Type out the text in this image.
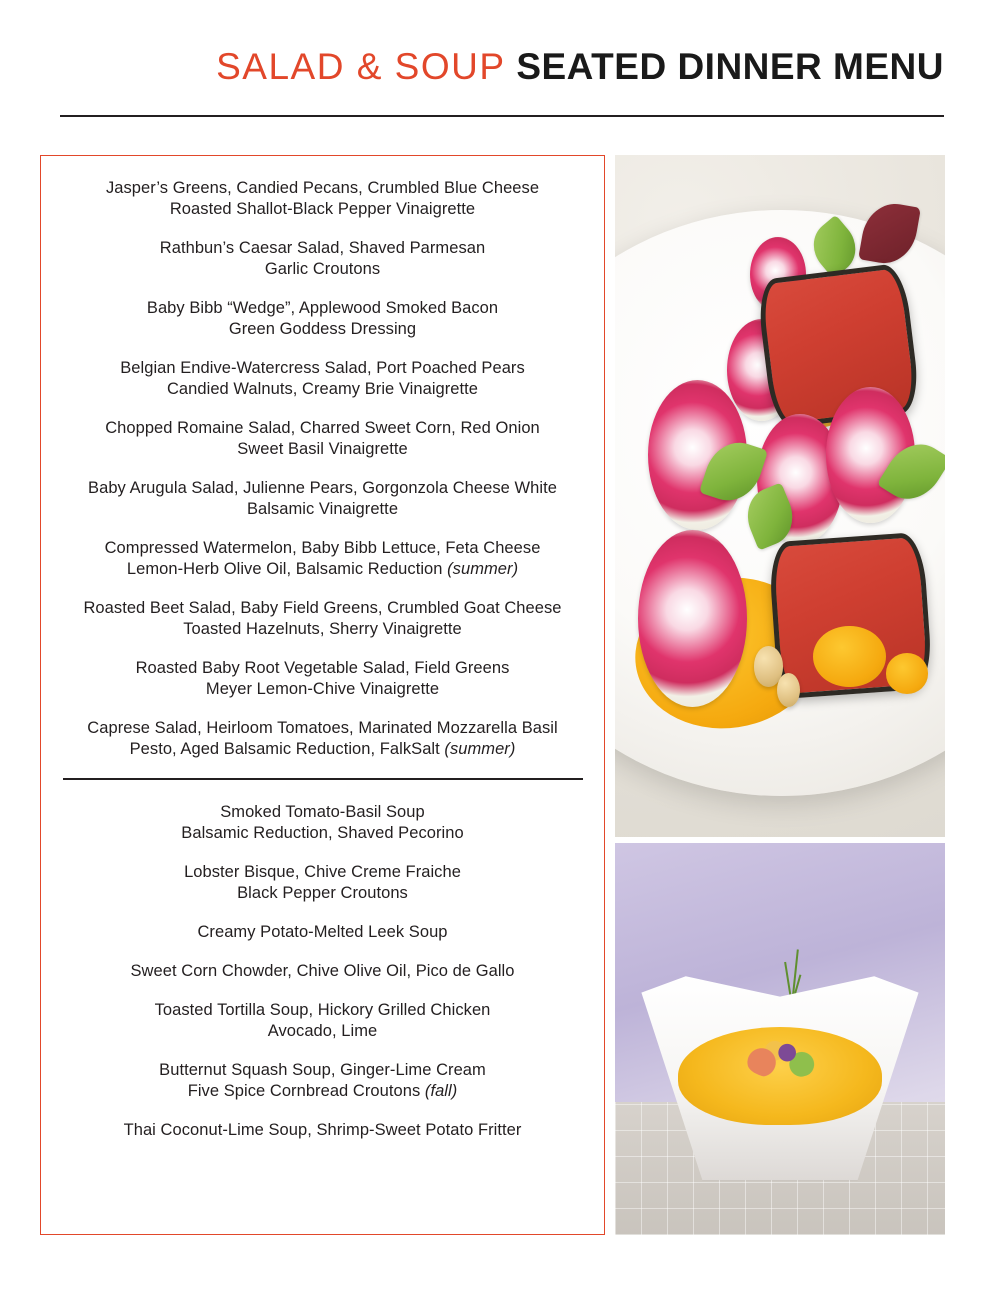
SALAD & SOUP SEATED DINNER MENU
Jasper’s Greens, Candied Pecans, Crumbled Blue Cheese
Roasted Shallot-Black Pepper Vinaigrette
Rathbun’s Caesar Salad, Shaved Parmesan
Garlic Croutons
Baby Bibb “Wedge”, Applewood Smoked Bacon
Green Goddess Dressing
Belgian Endive-Watercress Salad, Port Poached Pears
Candied Walnuts, Creamy Brie Vinaigrette
Chopped Romaine Salad, Charred Sweet Corn, Red Onion
Sweet Basil Vinaigrette
Baby Arugula Salad, Julienne Pears, Gorgonzola Cheese White
Balsamic Vinaigrette
Compressed Watermelon, Baby Bibb Lettuce, Feta Cheese
Lemon-Herb Olive Oil, Balsamic Reduction (summer)
Roasted Beet Salad, Baby Field Greens, Crumbled Goat Cheese
Toasted Hazelnuts, Sherry Vinaigrette
Roasted Baby Root Vegetable Salad, Field Greens
Meyer Lemon-Chive Vinaigrette
Caprese Salad, Heirloom Tomatoes, Marinated Mozzarella Basil
Pesto, Aged Balsamic Reduction, FalkSalt (summer)
Smoked Tomato-Basil Soup
Balsamic Reduction, Shaved Pecorino
Lobster Bisque, Chive Creme Fraiche
Black Pepper Croutons
Creamy Potato-Melted Leek Soup
Sweet Corn Chowder, Chive Olive Oil, Pico de Gallo
Toasted Tortilla Soup, Hickory Grilled Chicken
Avocado, Lime
Butternut Squash Soup, Ginger-Lime Cream
Five Spice Cornbread Croutons (fall)
Thai Coconut-Lime Soup, Shrimp-Sweet Potato Fritter
